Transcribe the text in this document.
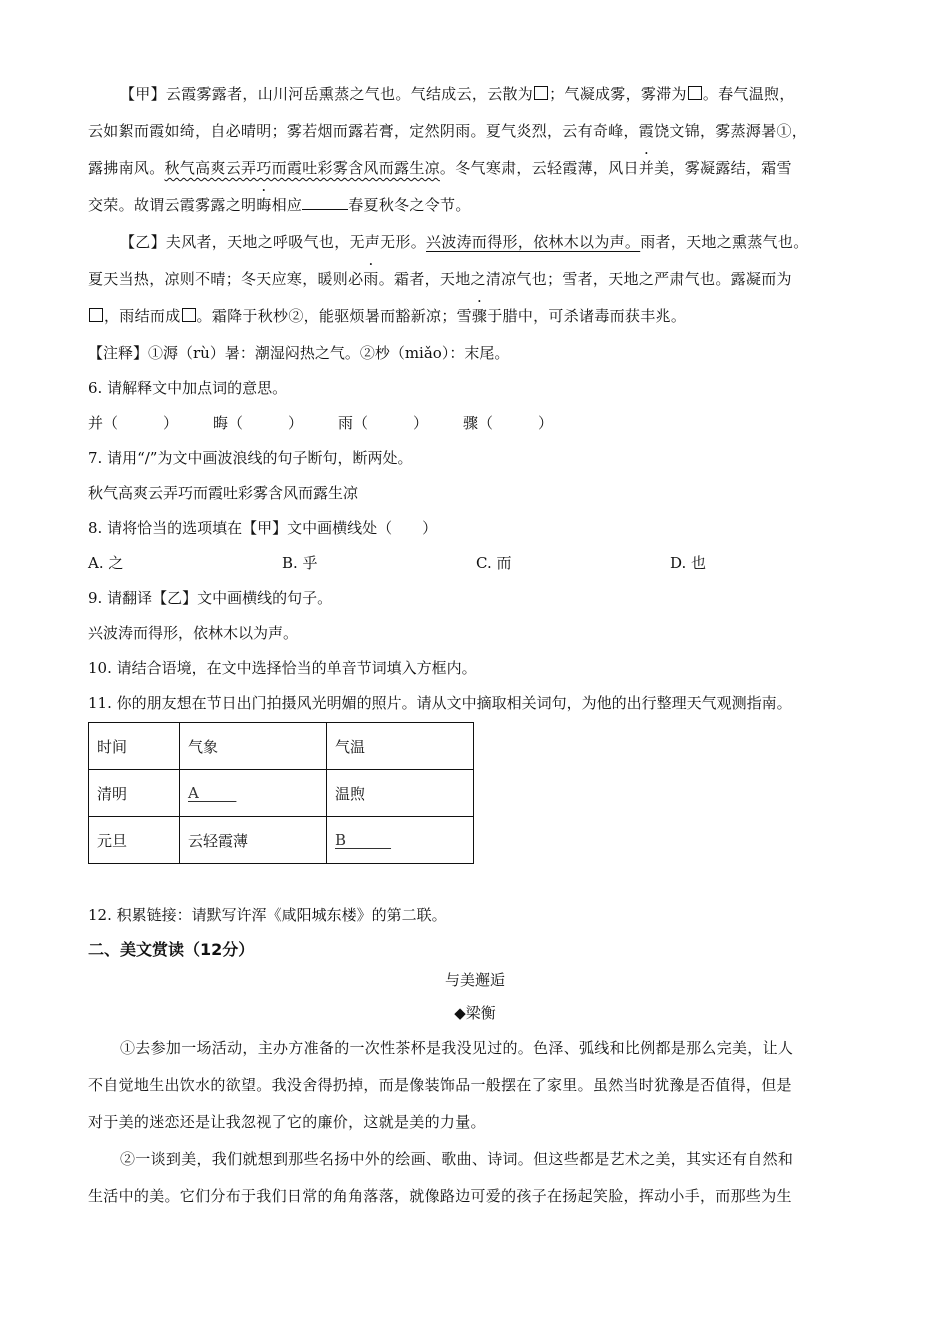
【甲】云霞雾露者，山川河岳熏蒸之气也。气结成云，云散为 ；气凝成雾，雾滞为 。春气温煦，
云如絮而霞如绮，自必晴明；雾若烟而露若膏，定然阴雨。夏气炎烈，云有奇峰，霞饶文锦，雾蒸溽暑①，
露拂南风。秋气高爽云弄巧而霞吐彩雾含风而露生凉。冬气寒肃，云轻霞薄，风日并美，雾凝露结，霜雪
交荣。故谓云霞雾露之明晦相应	春夏秋冬之令节。
【乙】夫风者，天地之呼吸气也，无声无形。兴波涛而得形，依林木以为声。雨者，天地之熏蒸气也。
夏天当热，凉则不晴；冬天应寒，暖则必雨。霜者，天地之清凉气也；雪者，天地之严肃气也。露凝而为
，雨结而成 。霜降于秋杪②，能驱烦暑而豁新凉；雪骤于腊中，可杀诸毒而获丰兆。
【注释】①溽（rù）暑：潮湿闷热之气。②杪（miǎo）：末尾。
6. 请解释文中加点词的意思。
并（　　　） 晦（　　　） 雨（　　　） 骤（　　　）
7. 请用“/”为文中画波浪线的句子断句，断两处。
秋气高爽云弄巧而霞吐彩雾含风而露生凉
8. 请将恰当的选项填在【甲】文中画横线处（　　）
A. 之	B. 乎	C. 而	D. 也
9. 请翻译【乙】文中画横线的句子。
兴波涛而得形，依林木以为声。
10. 请结合语境，在文中选择恰当的单音节词填入方框内。
11. 你的朋友想在节日出门拍摄风光明媚的照片。请从文中摘取相关词句，为他的出行整理天气观测指南。
时间	气象	气温
清明	A_____	温煦
元旦	云轻霞薄	B______
12. 积累链接：请默写许浑《咸阳城东楼》的第二联。
二、美文赏读（12分）
与美邂逅
◆梁衡
①去参加一场活动，主办方准备的一次性茶杯是我没见过的。色泽、弧线和比例都是那么完美，让人
不自觉地生出饮水的欲望。我没舍得扔掉，而是像装饰品一般摆在了家里。虽然当时犹豫是否值得，但是
对于美的迷恋还是让我忽视了它的廉价，这就是美的力量。
②一谈到美，我们就想到那些名扬中外的绘画、歌曲、诗词。但这些都是艺术之美，其实还有自然和
生活中的美。它们分布于我们日常的角角落落，就像路边可爱的孩子在扬起笑脸，挥动小手，而那些为生
